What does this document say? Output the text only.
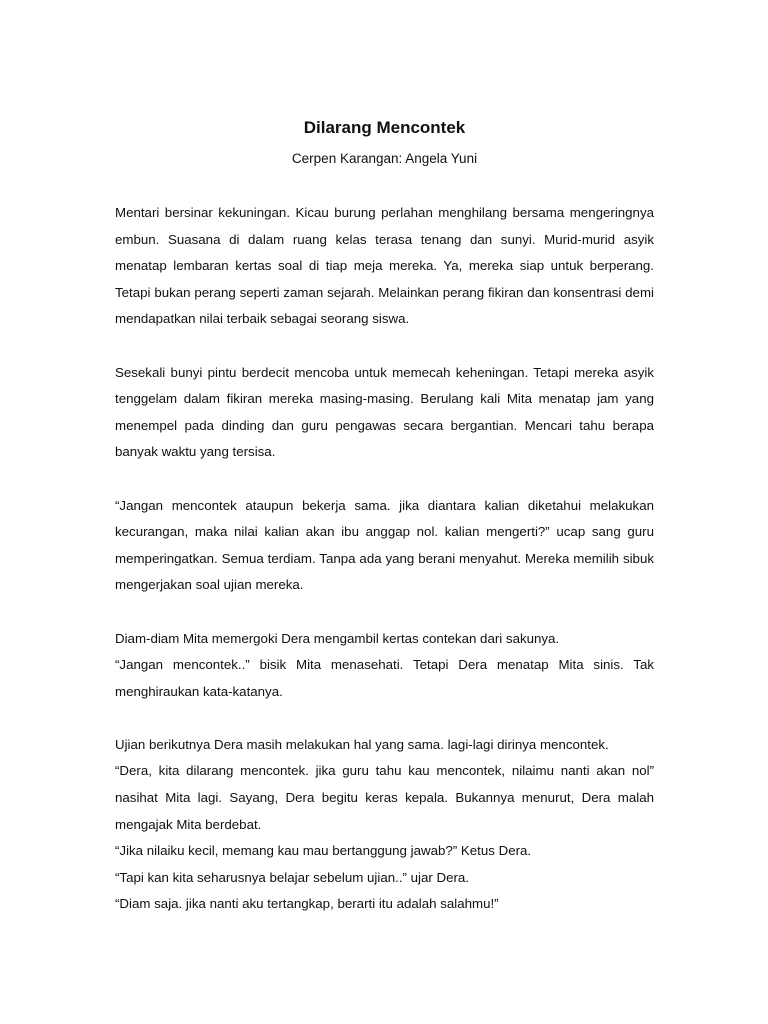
Dilarang Mencontek

Cerpen Karangan: Angela Yuni

Mentari bersinar kekuningan. Kicau burung perlahan menghilang bersama mengeringnya embun. Suasana di dalam ruang kelas terasa tenang dan sunyi. Murid-murid asyik menatap lembaran kertas soal di tiap meja mereka. Ya, mereka siap untuk berperang. Tetapi bukan perang seperti zaman sejarah. Melainkan perang fikiran dan konsentrasi demi mendapatkan nilai terbaik sebagai seorang siswa.

Sesekali bunyi pintu berdecit mencoba untuk memecah keheningan. Tetapi mereka asyik tenggelam dalam fikiran mereka masing-masing. Berulang kali Mita menatap jam yang menempel pada dinding dan guru pengawas secara bergantian. Mencari tahu berapa banyak waktu yang tersisa.

“Jangan mencontek ataupun bekerja sama. jika diantara kalian diketahui melakukan kecurangan, maka nilai kalian akan ibu anggap nol. kalian mengerti?” ucap sang guru memperingatkan. Semua terdiam. Tanpa ada yang berani menyahut. Mereka memilih sibuk mengerjakan soal ujian mereka.

Diam-diam Mita memergoki Dera mengambil kertas contekan dari sakunya.
“Jangan mencontek..” bisik Mita menasehati. Tetapi Dera menatap Mita sinis. Tak menghiraukan kata-katanya.
Ujian berikutnya Dera masih melakukan hal yang sama. lagi-lagi dirinya mencontek.
“Dera, kita dilarang mencontek. jika guru tahu kau mencontek, nilaimu nanti akan nol” nasihat Mita lagi. Sayang, Dera begitu keras kepala. Bukannya menurut, Dera malah mengajak Mita berdebat.
“Jika nilaiku kecil, memang kau mau bertanggung jawab?” Ketus Dera.
“Tapi kan kita seharusnya belajar sebelum ujian..” ujar Dera.
“Diam saja. jika nanti aku tertangkap, berarti itu adalah salahmu!”
